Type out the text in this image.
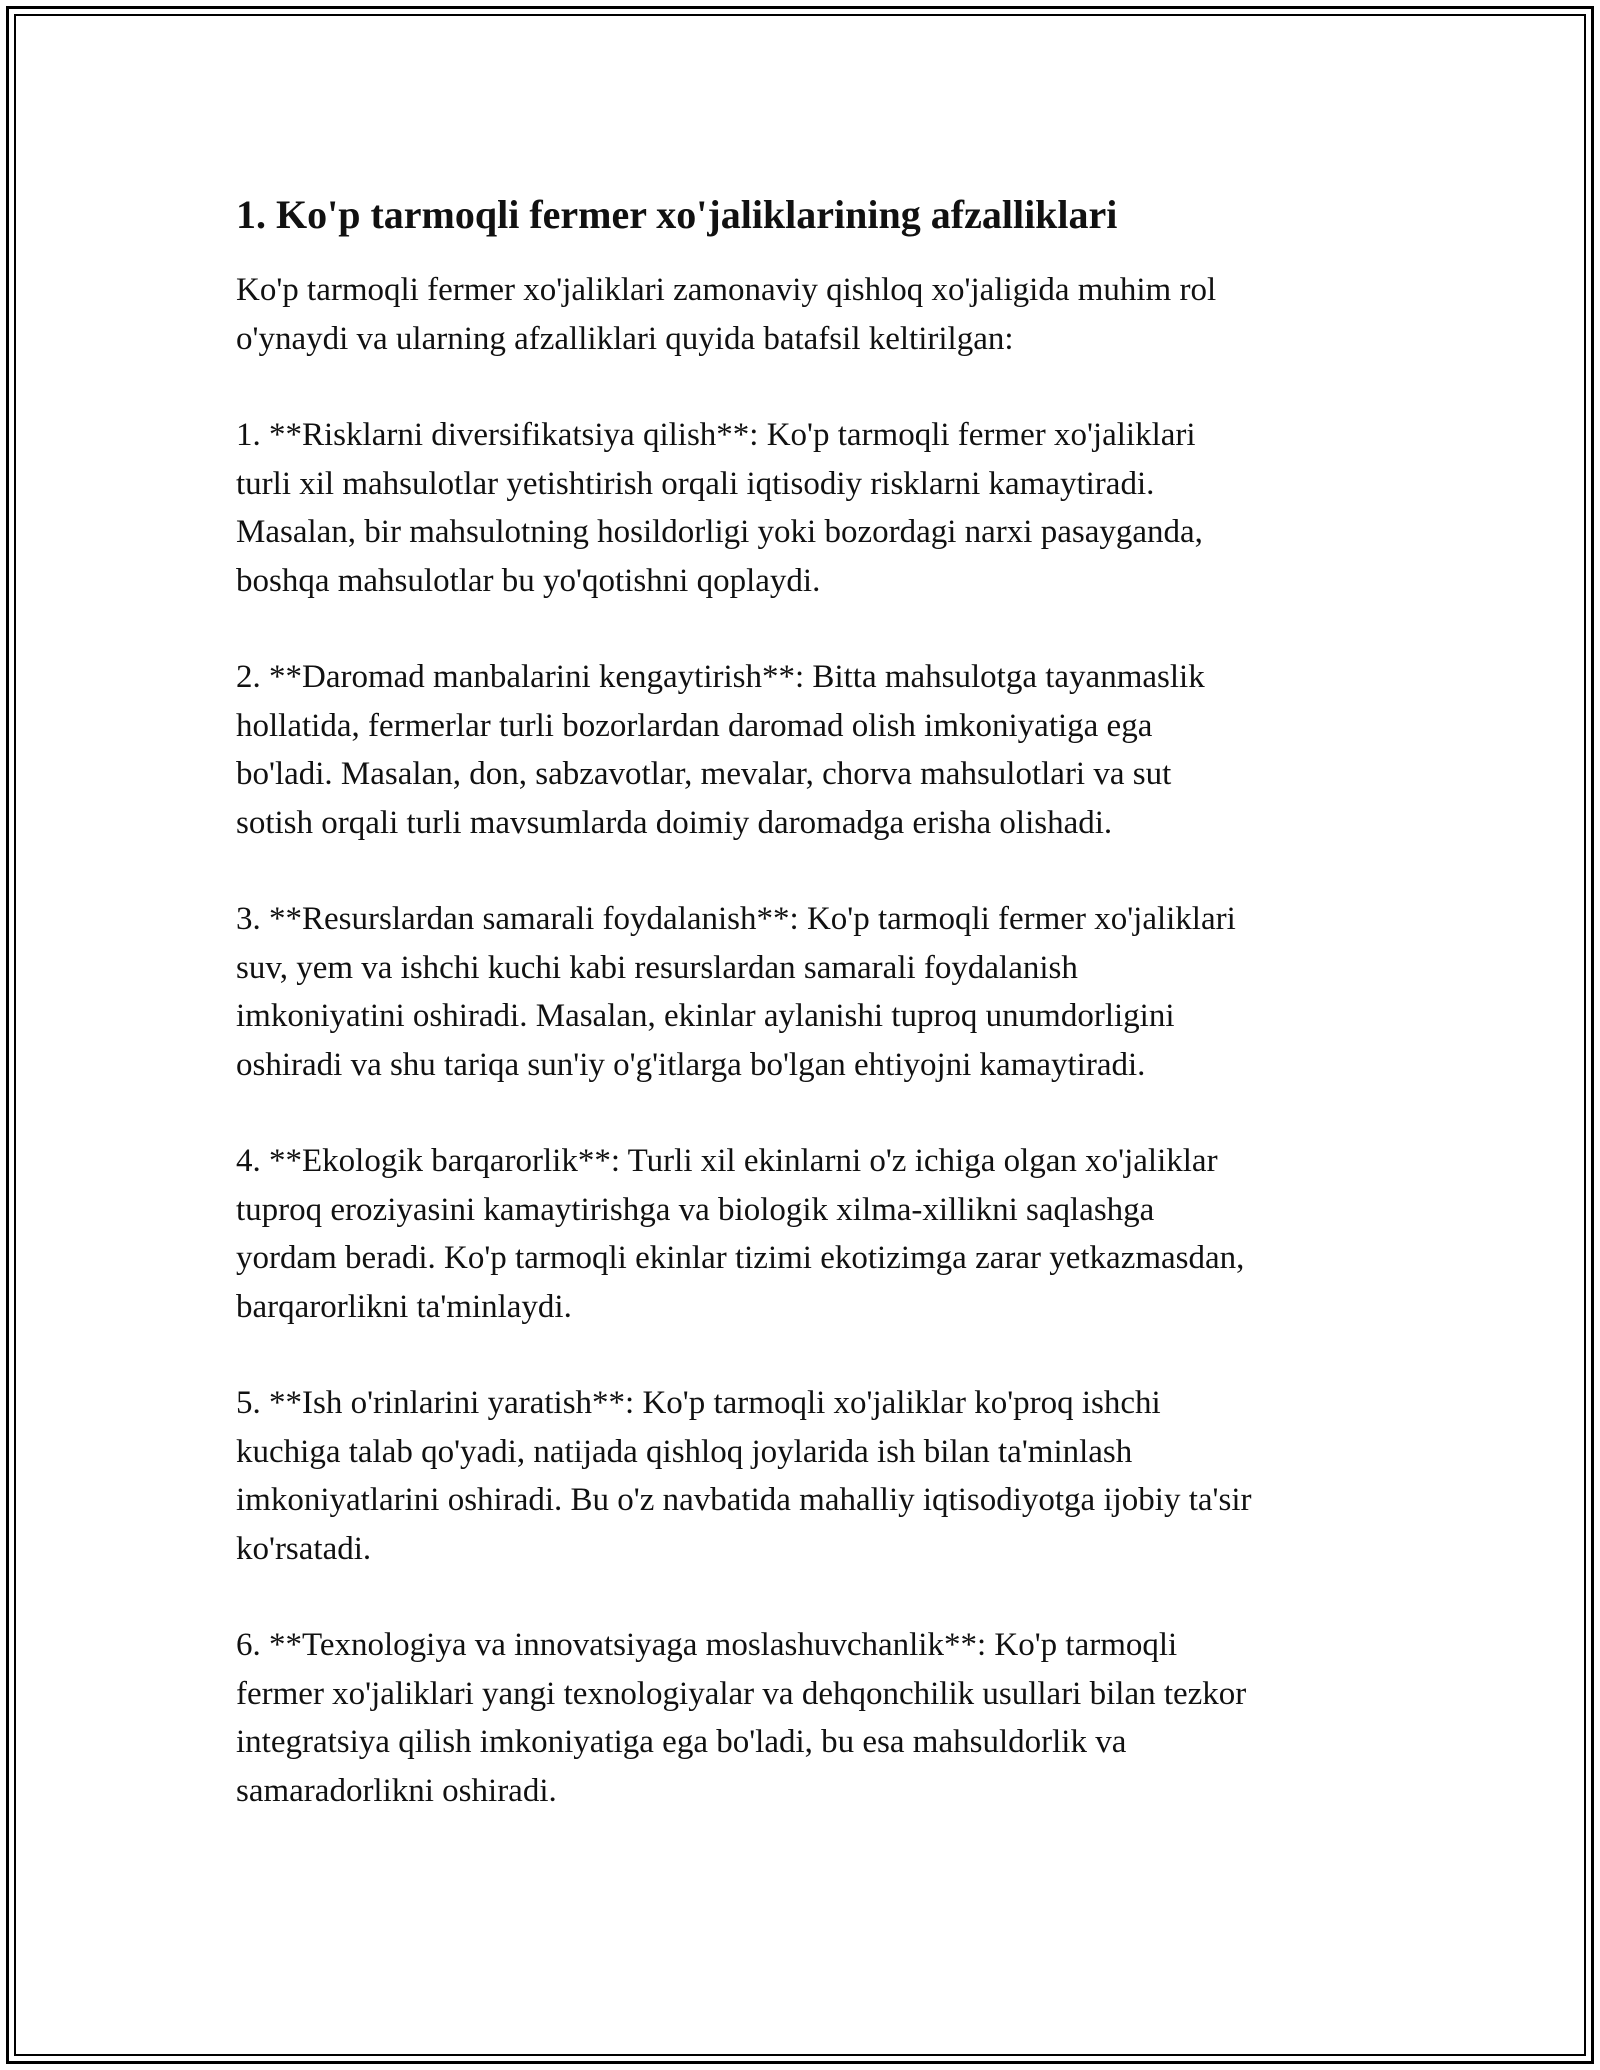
1. Ko'p tarmoqli fermer xo'jaliklarining afzalliklari

Ko'p tarmoqli fermer xo'jaliklari zamonaviy qishloq xo'jaligida muhim rol
o'ynaydi va ularning afzalliklari quyida batafsil keltirilgan:

1. **Risklarni diversifikatsiya qilish**: Ko'p tarmoqli fermer xo'jaliklari
turli xil mahsulotlar yetishtirish orqali iqtisodiy risklarni kamaytiradi.
Masalan, bir mahsulotning hosildorligi yoki bozordagi narxi pasayganda,
boshqa mahsulotlar bu yo'qotishni qoplaydi.

2. **Daromad manbalarini kengaytirish**: Bitta mahsulotga tayanmaslik
hollatida, fermerlar turli bozorlardan daromad olish imkoniyatiga ega
bo'ladi. Masalan, don, sabzavotlar, mevalar, chorva mahsulotlari va sut
sotish orqali turli mavsumlarda doimiy daromadga erisha olishadi.

3. **Resurslardan samarali foydalanish**: Ko'p tarmoqli fermer xo'jaliklari
suv, yem va ishchi kuchi kabi resurslardan samarali foydalanish
imkoniyatini oshiradi. Masalan, ekinlar aylanishi tuproq unumdorligini
oshiradi va shu tariqa sun'iy o'g'itlarga bo'lgan ehtiyojni kamaytiradi.

4. **Ekologik barqarorlik**: Turli xil ekinlarni o'z ichiga olgan xo'jaliklar
tuproq eroziyasini kamaytirishga va biologik xilma-xillikni saqlashga
yordam beradi. Ko'p tarmoqli ekinlar tizimi ekotizimga zarar yetkazmasdan,
barqarorlikni ta'minlaydi.

5. **Ish o'rinlarini yaratish**: Ko'p tarmoqli xo'jaliklar ko'proq ishchi
kuchiga talab qo'yadi, natijada qishloq joylarida ish bilan ta'minlash
imkoniyatlarini oshiradi. Bu o'z navbatida mahalliy iqtisodiyotga ijobiy ta'sir
ko'rsatadi.

6. **Texnologiya va innovatsiyaga moslashuvchanlik**: Ko'p tarmoqli
fermer xo'jaliklari yangi texnologiyalar va dehqonchilik usullari bilan tezkor
integratsiya qilish imkoniyatiga ega bo'ladi, bu esa mahsuldorlik va
samaradorlikni oshiradi.
